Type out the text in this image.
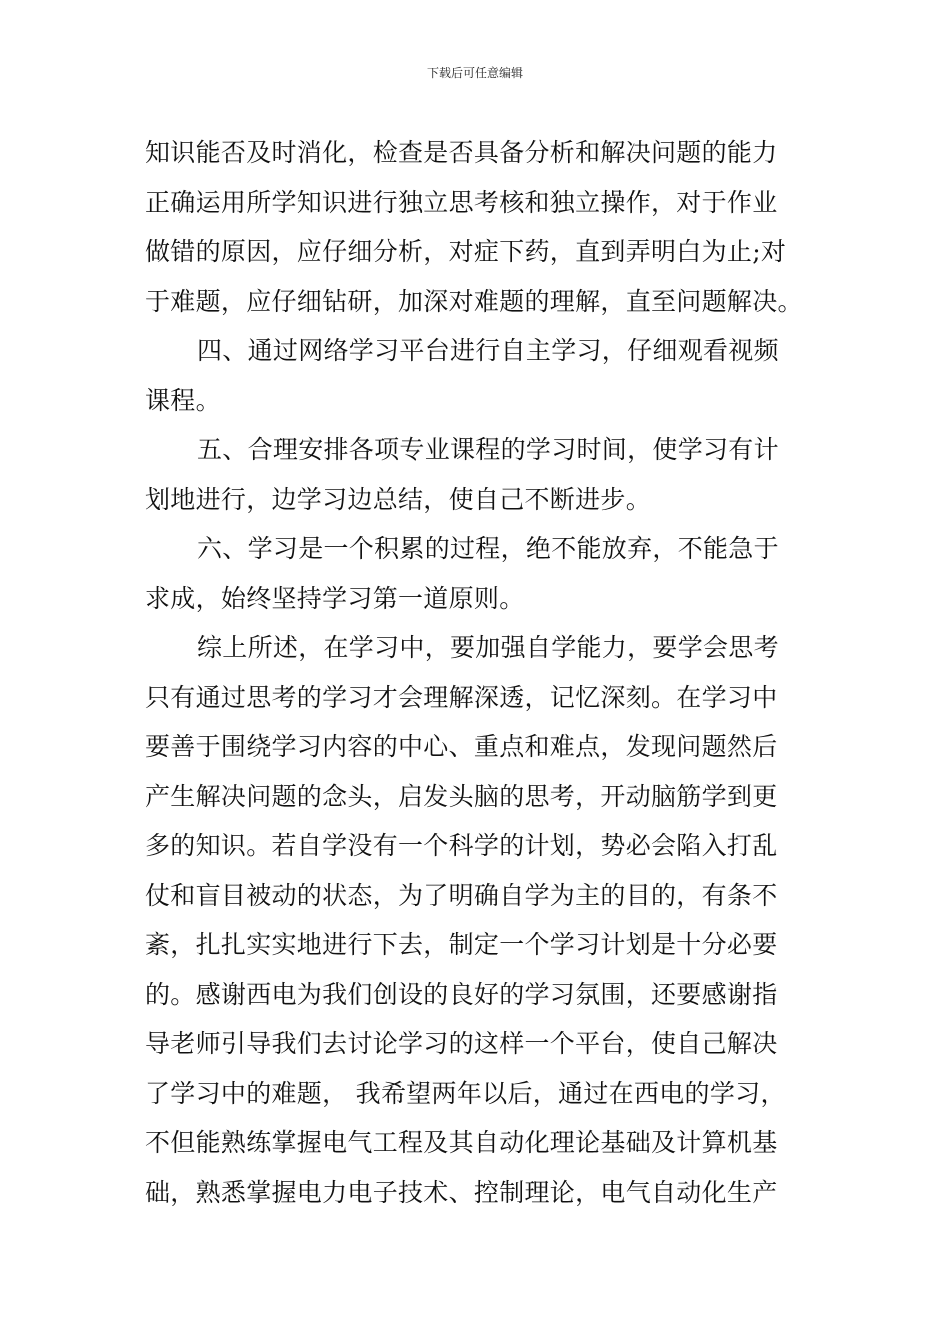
下载后可任意编辑
知识能否及时消化，检查是否具备分析和解决问题的能力
正确运用所学知识进行独立思考核和独立操作，对于作业
做错的原因，应仔细分析，对症下药，直到弄明白为止;对
于难题，应仔细钻研，加深对难题的理解，直至问题解决。
四、通过网络学习平台进行自主学习，仔细观看视频
课程。
五、合理安排各项专业课程的学习时间，使学习有计
划地进行，边学习边总结，使自己不断进步。
六、学习是一个积累的过程，绝不能放弃，不能急于
求成，始终坚持学习第一道原则。
综上所述，在学习中，要加强自学能力，要学会思考
只有通过思考的学习才会理解深透，记忆深刻。在学习中
要善于围绕学习内容的中心、重点和难点，发现问题然后
产生解决问题的念头，启发头脑的思考，开动脑筋学到更
多的知识。若自学没有一个科学的计划，势必会陷入打乱
仗和盲目被动的状态，为了明确自学为主的目的，有条不
紊，扎扎实实地进行下去，制定一个学习计划是十分必要
的。感谢西电为我们创设的良好的学习氛围，还要感谢指
导老师引导我们去讨论学习的这样一个平台，使自己解决
了学习中的难题， 我希望两年以后，通过在西电的学习，
不但能熟练掌握电气工程及其自动化理论基础及计算机基
础，熟悉掌握电力电子技术、控制理论，电气自动化生产
